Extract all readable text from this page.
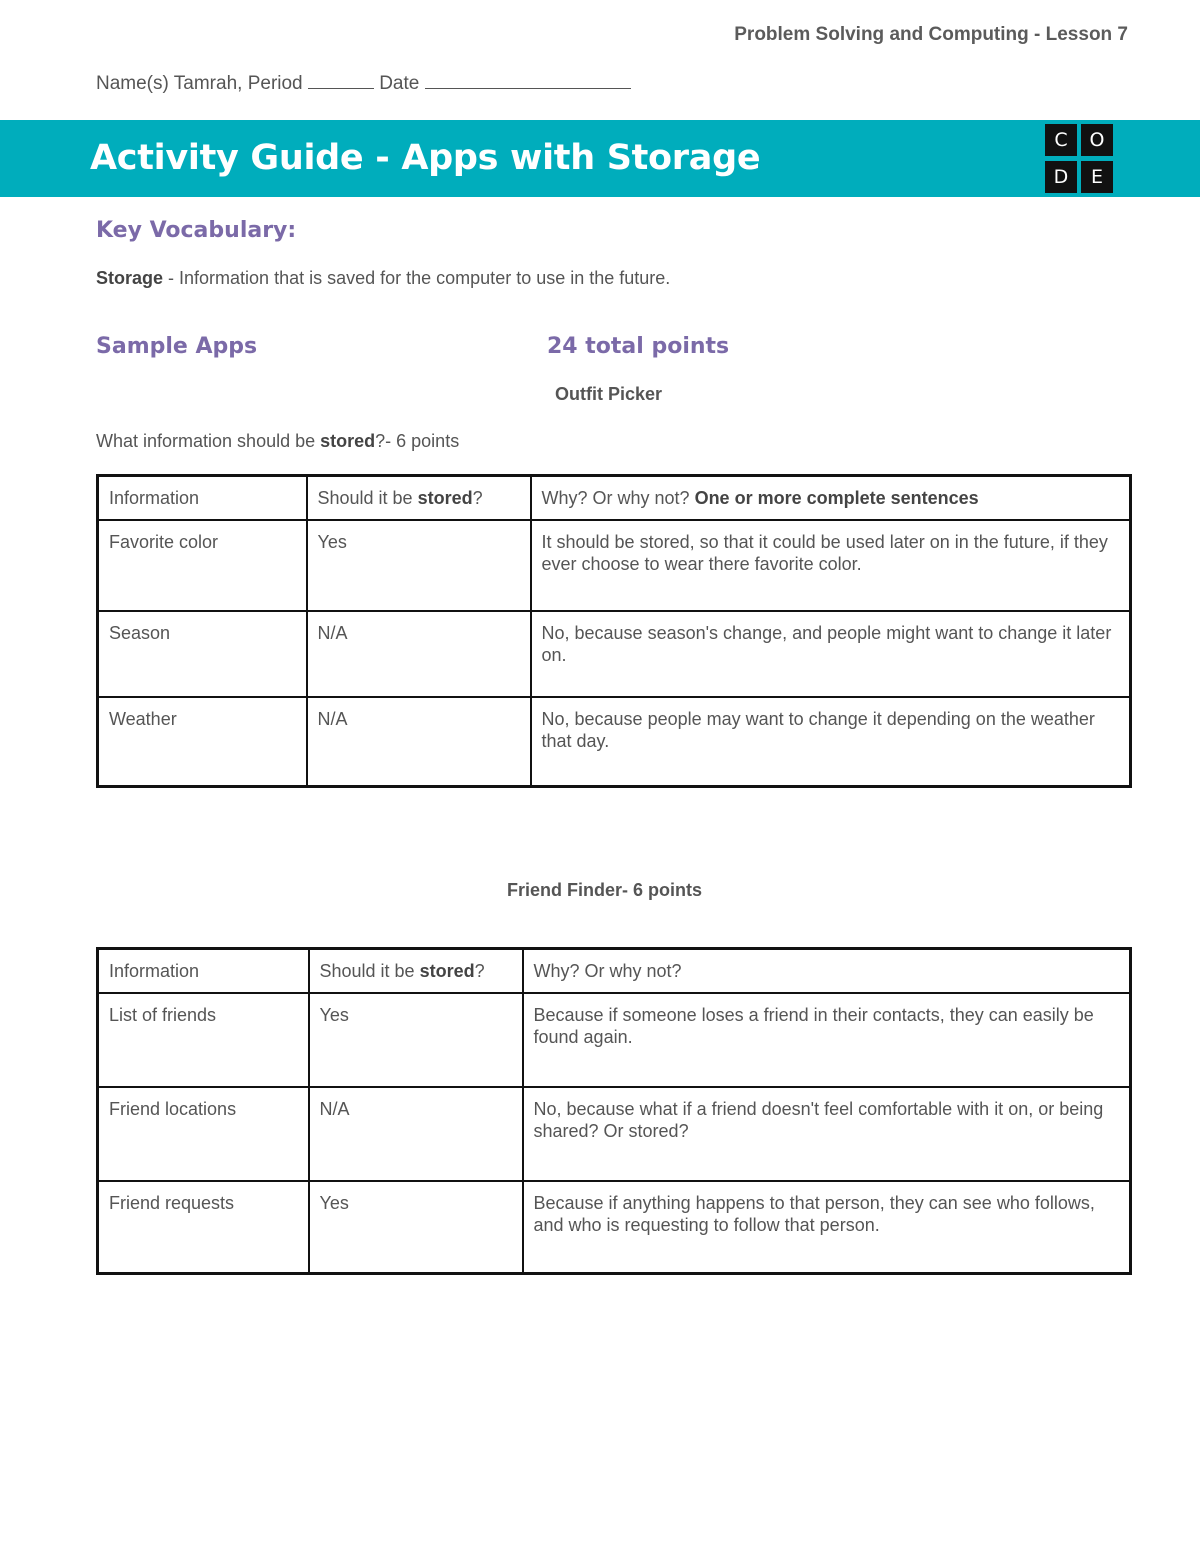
Problem Solving and Computing - Lesson 7
Name(s) Tamrah, Period	Date
Activity Guide - Apps with Storage	C	O
D	E
Key Vocabulary:
Storage - Information that is saved for the computer to use in the future.
Sample Apps	24 total points
Outfit Picker
What information should be stored?- 6 points
Information	Should it be stored?	Why? Or why not? One or more complete sentences
Favorite color	Yes	It should be stored, so that it could be used later on in the future, if they ever choose to wear there favorite color.
Season	N/A	No, because season's change, and people might want to change it later on.
Weather	N/A	No, because people may want to change it depending on the weather that day.
Friend Finder- 6 points
Information	Should it be stored?	Why? Or why not?
List of friends	Yes	Because if someone loses a friend in their contacts, they can easily be found again.
Friend locations	N/A	No, because what if a friend doesn't feel comfortable with it on, or being shared? Or stored?
Friend requests	Yes	Because if anything happens to that person, they can see who follows, and who is requesting to follow that person.
